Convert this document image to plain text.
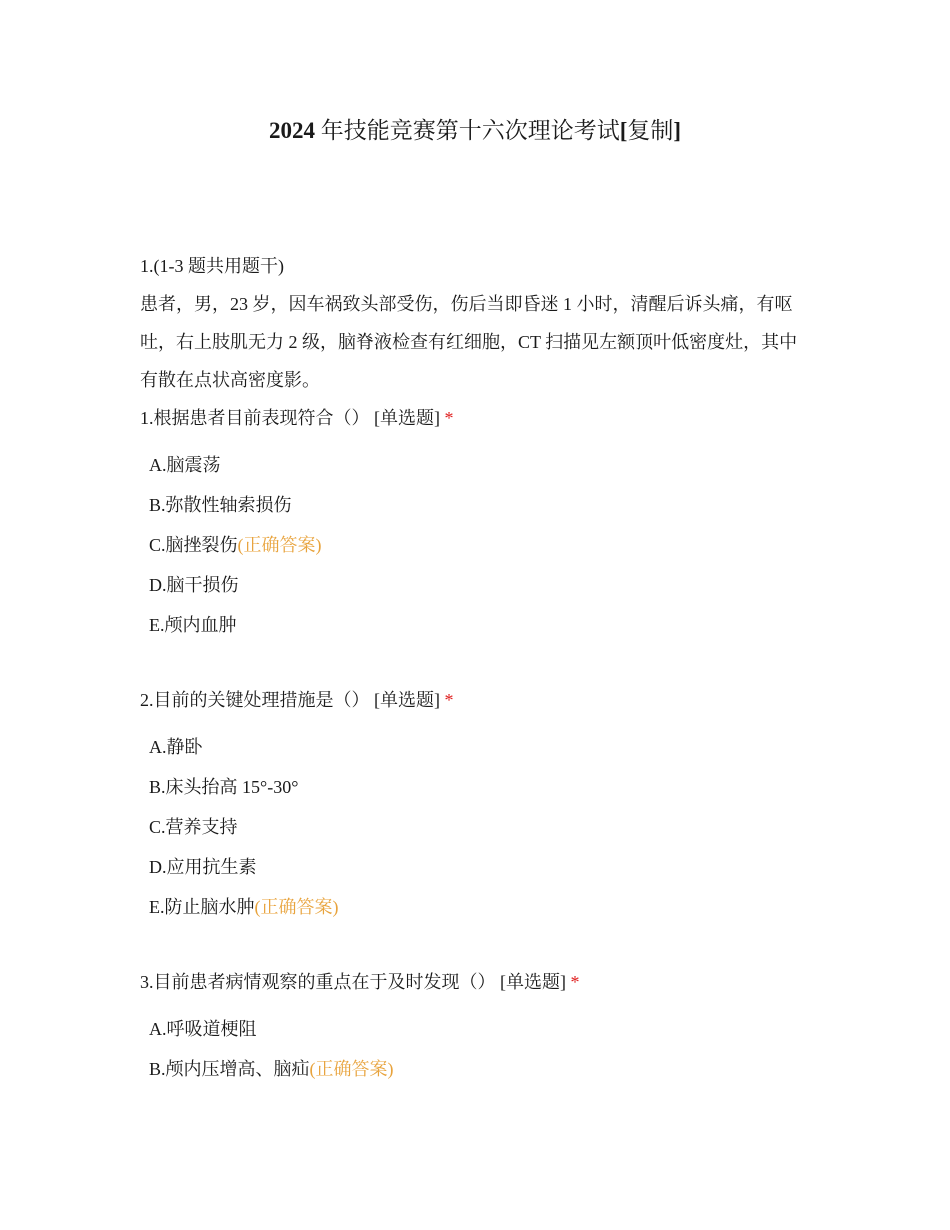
2024 年技能竞赛第十六次理论考试[复制]
1.(1-3 题共用题干)
患者，男，23 岁，因车祸致头部受伤，伤后当即昏迷 1 小时，清醒后诉头痛，有呕吐，右上肢肌无力 2 级，脑脊液检查有红细胞，CT 扫描见左额顶叶低密度灶，其中有散在点状高密度影。
1.根据患者目前表现符合（） [单选题] *
A.脑震荡
B.弥散性轴索损伤
C.脑挫裂伤(正确答案)
D.脑干损伤
E.颅内血肿
2.目前的关键处理措施是（） [单选题] *
A.静卧
B.床头抬高 15°-30°
C.营养支持
D.应用抗生素
E.防止脑水肿(正确答案)
3.目前患者病情观察的重点在于及时发现（） [单选题] *
A.呼吸道梗阻
B.颅内压增高、脑疝(正确答案)
